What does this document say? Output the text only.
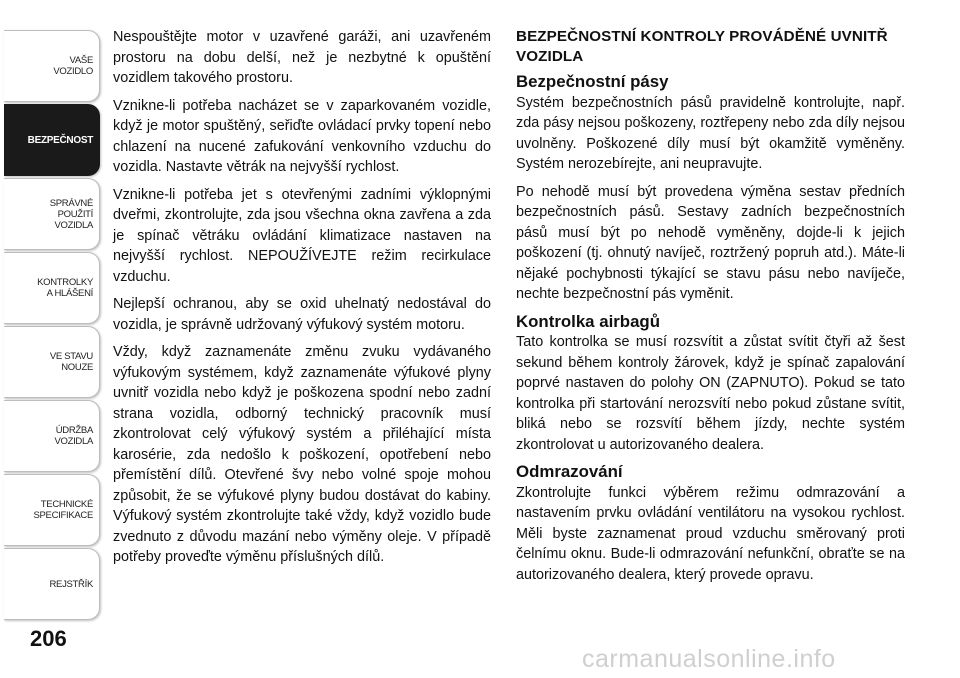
VAŠE
VOZIDLO
BEZPEČNOST
SPRÁVNÉ
POUŽITÍ
VOZIDLA
KONTROLKY
A HLÁŠENÍ
VE STAVU
NOUZE
ÚDRŽBA
VOZIDLA
TECHNICKÉ
SPECIFIKACE
REJSTŘÍK
206

Nespouštějte motor v uzavřené garáži, ani uzavřeném prostoru na dobu delší, než je nezbytné k opuštění vozidlem takového prostoru.

Vznikne-li potřeba nacházet se v zaparkovaném vozidle, když je motor spuštěný, seřiďte ovládací prvky topení nebo chlazení na nucené zafukování venkovního vzduchu do vozidla. Nastavte větrák na nejvyšší rychlost.

Vznikne-li potřeba jet s otevřenými zadními výklopnými dveřmi, zkontrolujte, zda jsou všechna okna zavřena a zda je spínač větráku ovládání klimatizace nastaven na nejvyšší rychlost. NEPOUŽÍVEJTE režim recirkulace vzduchu.

Nejlepší ochranou, aby se oxid uhelnatý nedostával do vozidla, je správně udržovaný výfukový systém motoru.

Vždy, když zaznamenáte změnu zvuku vydávaného výfukovým systémem, když zaznamenáte výfukové plyny uvnitř vozidla nebo když je poškozena spodní nebo zadní strana vozidla, odborný technický pracovník musí zkontrolovat celý výfukový systém a přiléhající místa karosérie, zda nedošlo k poškození, opotřebení nebo přemístění dílů. Otevřené švy nebo volné spoje mohou způsobit, že se výfukové plyny budou dostávat do kabiny. Výfukový systém zkontrolujte také vždy, když vozidlo bude zvednuto z důvodu mazání nebo výměny oleje. V případě potřeby proveďte výměnu příslušných dílů.

BEZPEČNOSTNÍ KONTROLY PROVÁDĚNÉ UVNITŘ VOZIDLA
Bezpečnostní pásy

Systém bezpečnostních pásů pravidelně kontrolujte, např. zda pásy nejsou poškozeny, roztřepeny nebo zda díly nejsou uvolněny. Poškozené díly musí být okamžitě vyměněny. Systém nerozebírejte, ani neupravujte.

Po nehodě musí být provedena výměna sestav předních bezpečnostních pásů. Sestavy zadních bezpečnostních pásů musí být po nehodě vyměněny, dojde-li k jejich poškození (tj. ohnutý navíječ, roztržený popruh atd.). Máte-li nějaké pochybnosti týkající se stavu pásu nebo navíječe, nechte bezpečnostní pás vyměnit.

Kontrolka airbagů

Tato kontrolka se musí rozsvítit a zůstat svítit čtyři až šest sekund během kontroly žárovek, když je spínač zapalování poprvé nastaven do polohy ON (ZAPNUTO). Pokud se tato kontrolka při startování nerozsvítí nebo pokud zůstane svítit, bliká nebo se rozsvítí během jízdy, nechte systém zkontrolovat u autorizovaného dealera.

Odmrazování

Zkontrolujte funkci výběrem režimu odmrazování a nastavením prvku ovládání ventilátoru na vysokou rychlost. Měli byste zaznamenat proud vzduchu směrovaný proti čelnímu oknu. Bude-li odmrazování nefunkční, obraťte se na autorizovaného dealera, který provede opravu.

carmanualsonline.info
